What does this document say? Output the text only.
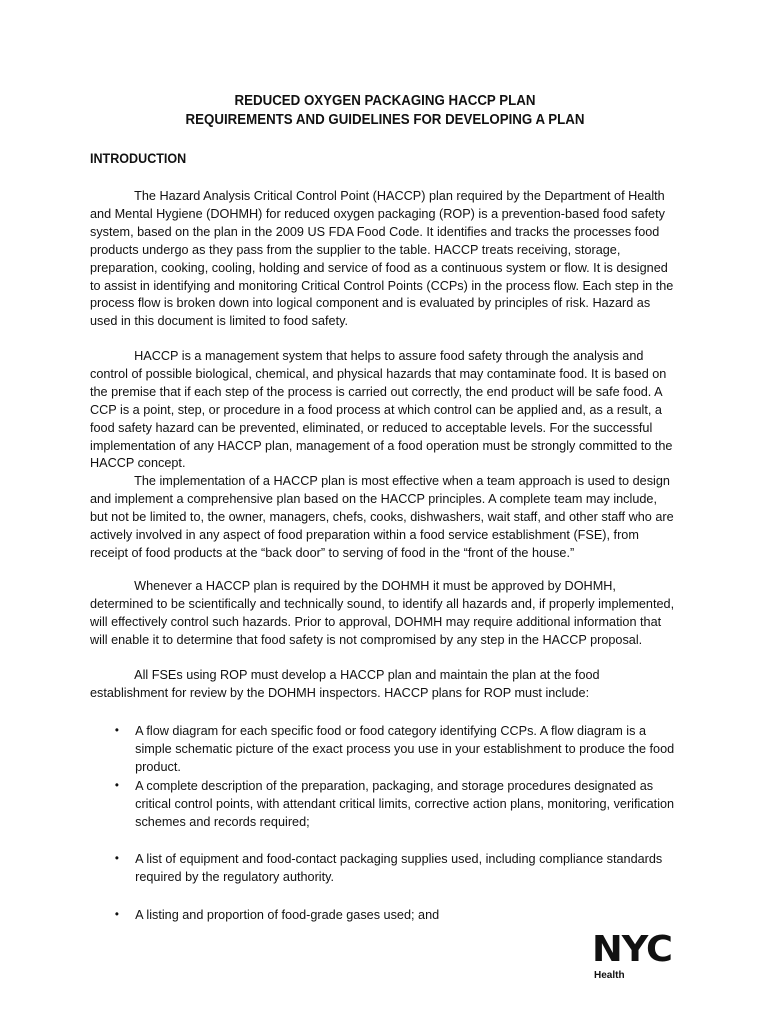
REDUCED OXYGEN PACKAGING HACCP PLAN
REQUIREMENTS AND GUIDELINES FOR DEVELOPING A PLAN
INTRODUCTION

The Hazard Analysis Critical Control Point (HACCP) plan required by the Department of Health and Mental Hygiene (DOHMH) for reduced oxygen packaging (ROP) is a prevention-based food safety system, based on the plan in the 2009 US FDA Food Code. It identifies and tracks the processes food products undergo as they pass from the supplier to the table. HACCP treats receiving, storage, preparation, cooking, cooling, holding and service of food as a continuous system or flow. It is designed to assist in identifying and monitoring Critical Control Points (CCPs) in the process flow. Each step in the process flow is broken down into logical component and is evaluated by principles of risk. Hazard as used in this document is limited to food safety.

HACCP is a management system that helps to assure food safety through the analysis and control of possible biological, chemical, and physical hazards that may contaminate food. It is based on the premise that if each step of the process is carried out correctly, the end product will be safe food. A CCP is a point, step, or procedure in a food process at which control can be applied and, as a result, a food safety hazard can be prevented, eliminated, or reduced to acceptable levels. For the successful implementation of any HACCP plan, management of a food operation must be strongly committed to the HACCP concept.

The implementation of a HACCP plan is most effective when a team approach is used to design and implement a comprehensive plan based on the HACCP principles. A complete team may include, but not be limited to, the owner, managers, chefs, cooks, dishwashers, wait staff, and other staff who are actively involved in any aspect of food preparation within a food service establishment (FSE), from receipt of food products at the “back door” to serving of food in the “front of the house.”

Whenever a HACCP plan is required by the DOHMH it must be approved by DOHMH, determined to be scientifically and technically sound, to identify all hazards and, if properly implemented, will effectively control such hazards. Prior to approval, DOHMH may require additional information that will enable it to determine that food safety is not compromised by any step in the HACCP proposal.

All FSEs using ROP must develop a HACCP plan and maintain the plan at the food establishment for review by the DOHMH inspectors. HACCP plans for ROP must include:

• A flow diagram for each specific food or food category identifying CCPs. A flow diagram is a simple schematic picture of the exact process you use in your establishment to produce the food product.
• A complete description of the preparation, packaging, and storage procedures designated as critical control points, with attendant critical limits, corrective action plans, monitoring, verification schemes and records required;
• A list of equipment and food-contact packaging supplies used, including compliance standards required by the regulatory authority.
• A listing and proportion of food-grade gases used; and
NYC
Health
